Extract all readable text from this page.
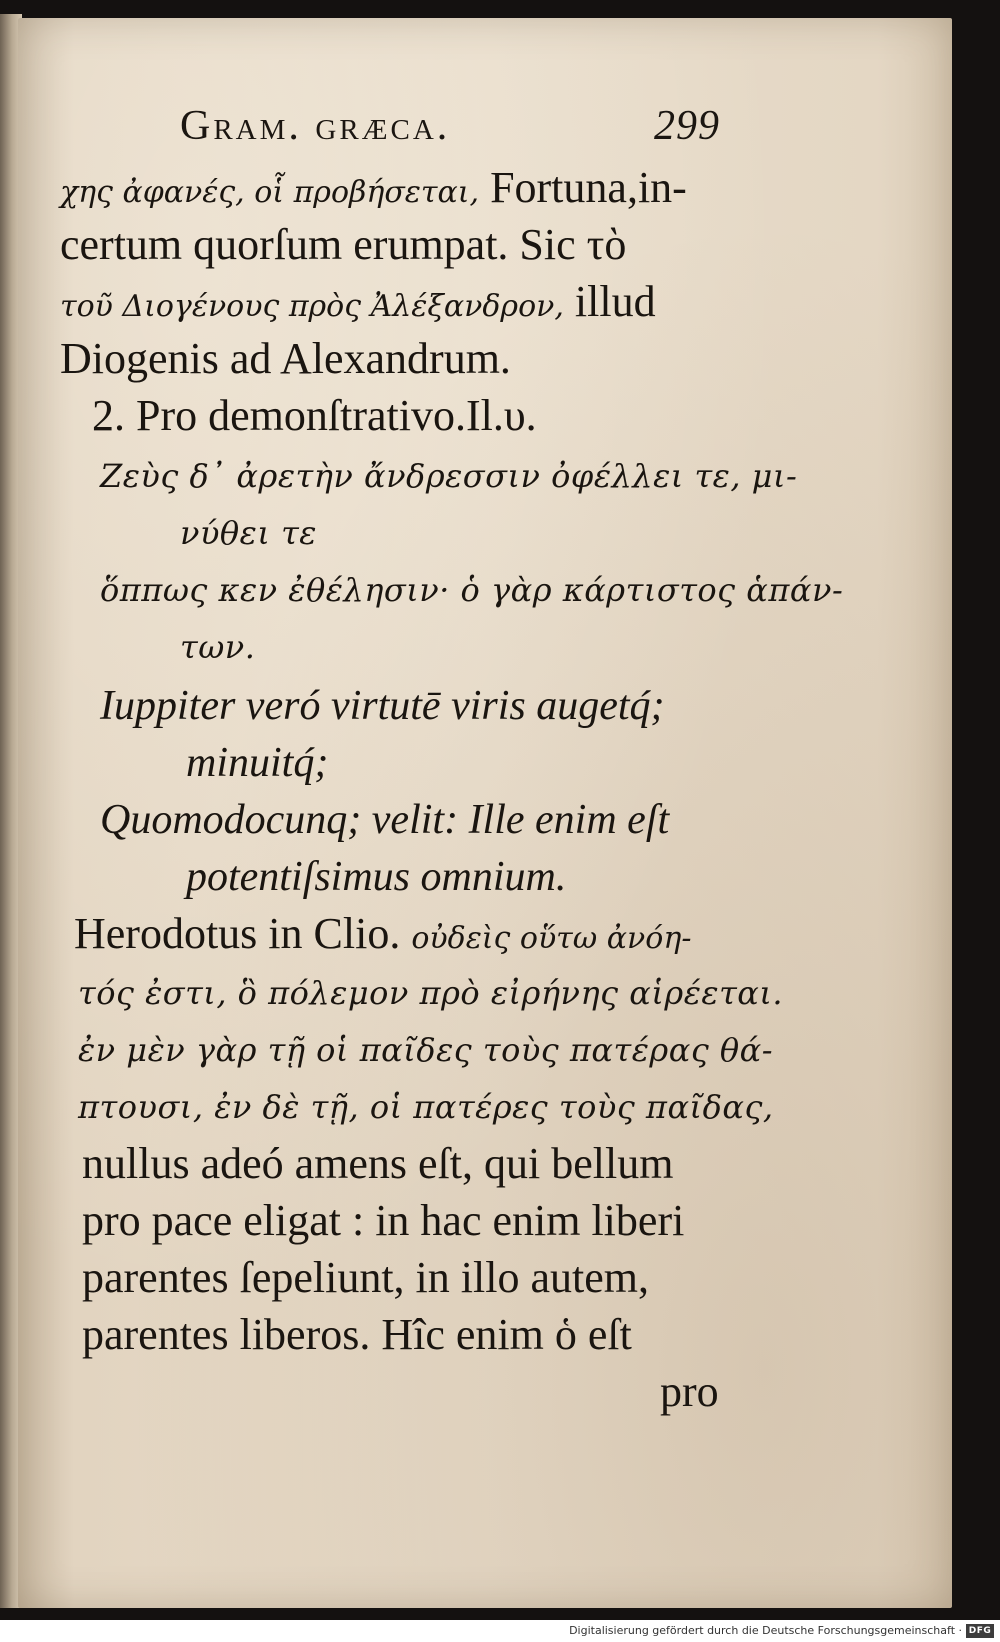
Gram. græca.	299
χης ἀφανές, οἷ προβήσεται, Fortuna,in-
certum quorſum erumpat. Sic τὸ
τοῦ Διογένους πρὸς Ἀλέξανδρον, illud
Diogenis ad Alexandrum.
2. Pro demonſtrativo.Il.υ.
Ζεὺς δ᾽ ἀρετὴν ἄνδρεσσιν ὀφέλλει τε, μι-
νύθει τε
ὅππως κεν ἐθέλησιν· ὁ γὰρ κάρτιστος ἁπάν-
των.
Iuppiter veró virtutē viris augetq́;
minuitq́;
Quomodocunq; velit: Ille enim eſt
potentiſsimus omnium.
Herodotus in Clio. οὐδεὶς οὕτω ἀνόη-
τός ἐστι, ὃ πόλεμον πρὸ εἰρήνης αἱρέεται.
ἐν μὲν γὰρ τῇ οἱ παῖδες τοὺς πατέρας θά-
πτουσι, ἐν δὲ τῇ, οἱ πατέρες τοὺς παῖδας,
nullus adeó amens eſt, qui bellum
pro pace eligat : in hac enim liberi
parentes ſepeliunt, in illo autem,
parentes liberos. Hîc enim ὁ eſt
pro
Digitalisierung gefördert durch die Deutsche Forschungsgemeinschaft · DFG
